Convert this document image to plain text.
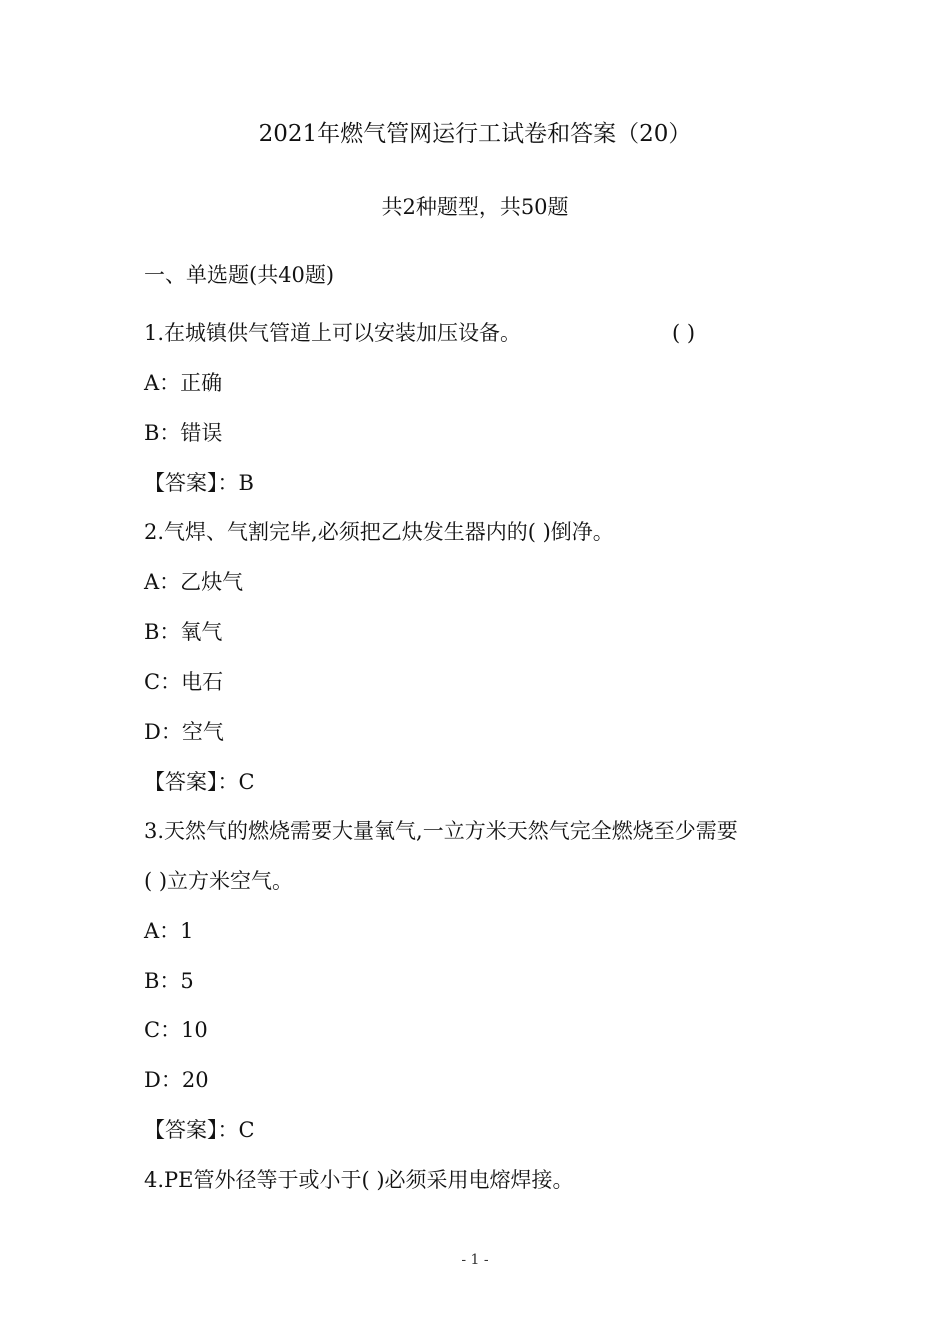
2021年燃气管网运行工试卷和答案（20）
共2种题型，共50题
一、单选题(共40题)
1.在城镇供气管道上可以安装加压设备。	( )
A：正确
B：错误
【答案】：B
2.气焊、气割完毕,必须把乙炔发生器内的( )倒净。
A：乙炔气
B：氧气
C：电石
D：空气
【答案】：C
3.天然气的燃烧需要大量氧气,一立方米天然气完全燃烧至少需要
( )立方米空气。
A：1
B：5
C：10
D：20
【答案】：C
4.PE管外径等于或小于( )必须采用电熔焊接。
- 1 -
